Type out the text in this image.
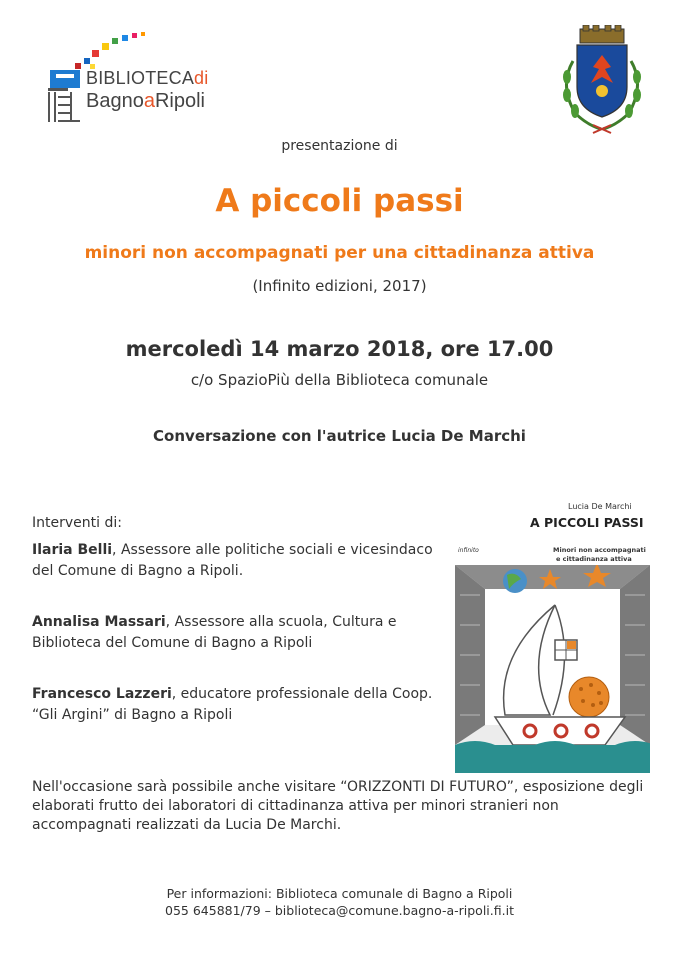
BIBLIOTECAdi
BagnoaRipoli
presentazione di
A piccoli passi
minori non accompagnati per una cittadinanza attiva
(Infinito edizioni, 2017)
mercoledì 14 marzo 2018, ore 17.00
c/o SpazioPiù della Biblioteca comunale
Conversazione con l'autrice Lucia De Marchi
Interventi di:
Ilaria Belli, Assessore alle politiche sociali e vicesindaco del Comune di Bagno a Ripoli.
Annalisa Massari, Assessore alla scuola, Cultura e Biblioteca del Comune di Bagno a Ripoli
Francesco Lazzeri, educatore professionale della Coop. “Gli Argini” di Bagno a Ripoli
Lucia De Marchi
A PICCOLI PASSI
infinito	Minori non accompagnati
e cittadinanza attiva
Nell'occasione sarà possibile anche visitare “ORIZZONTI DI FUTURO”, esposizione degli elaborati frutto dei laboratori di cittadinanza attiva per minori stranieri non accompagnati realizzati da Lucia De Marchi.
Per informazioni: Biblioteca comunale di Bagno a Ripoli
055 645881/79 – biblioteca@comune.bagno-a-ripoli.fi.it
